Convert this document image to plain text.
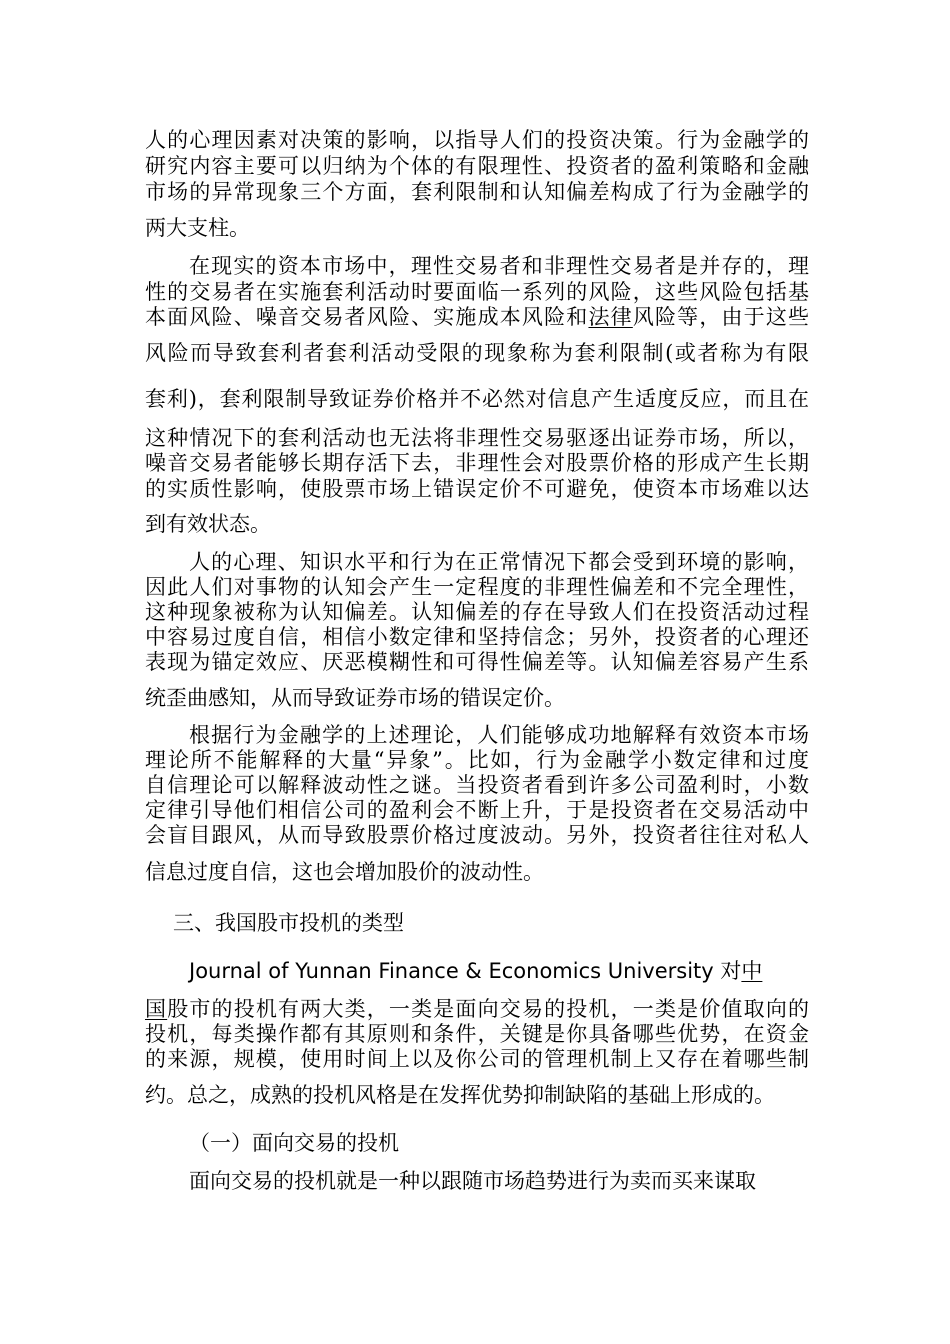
人的心理因素对决策的影响，以指导人们的投资决策。行为金融学的
研究内容主要可以归纳为个体的有限理性、投资者的盈利策略和金融
市场的异常现象三个方面，套利限制和认知偏差构成了行为金融学的
两大支柱。
在现实的资本市场中，理性交易者和非理性交易者是并存的，理
性的交易者在实施套利活动时要面临一系列的风险，这些风险包括基
本面风险、噪音交易者风险、实施成本风险和法律风险等，由于这些
风险而导致套利者套利活动受限的现象称为套利限制(或者称为有限
套利)，套利限制导致证券价格并不必然对信息产生适度反应，而且在
这种情况下的套利活动也无法将非理性交易驱逐出证券市场，所以，
噪音交易者能够长期存活下去，非理性会对股票价格的形成产生长期
的实质性影响，使股票市场上错误定价不可避免，使资本市场难以达
到有效状态。
人的心理、知识水平和行为在正常情况下都会受到环境的影响，
因此人们对事物的认知会产生一定程度的非理性偏差和不完全理性，
这种现象被称为认知偏差。认知偏差的存在导致人们在投资活动过程
中容易过度自信，相信小数定律和坚持信念；另外，投资者的心理还
表现为锚定效应、厌恶模糊性和可得性偏差等。认知偏差容易产生系
统歪曲感知，从而导致证券市场的错误定价。
根据行为金融学的上述理论，人们能够成功地解释有效资本市场
理论所不能解释的大量“异象”。比如，行为金融学小数定律和过度
自信理论可以解释波动性之谜。当投资者看到许多公司盈利时，小数
定律引导他们相信公司的盈利会不断上升，于是投资者在交易活动中
会盲目跟风，从而导致股票价格过度波动。另外，投资者往往对私人
信息过度自信，这也会增加股价的波动性。
三、我国股市投机的类型
Journal of Yunnan Finance & Economics University 对中
国股市的投机有两大类，一类是面向交易的投机，一类是价值取向的
投机，每类操作都有其原则和条件，关键是你具备哪些优势，在资金
的来源，规模，使用时间上以及你公司的管理机制上又存在着哪些制
约。总之，成熟的投机风格是在发挥优势抑制缺陷的基础上形成的。
（一）面向交易的投机
面向交易的投机就是一种以跟随市场趋势进行为卖而买来谋取
